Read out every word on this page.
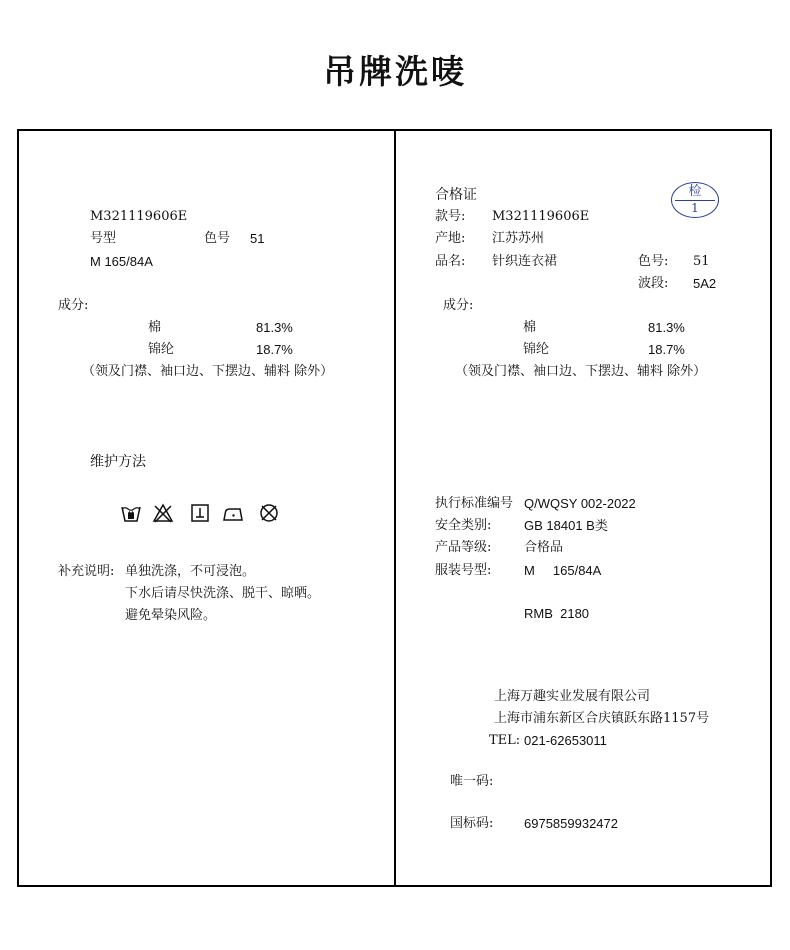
吊牌洗唛
M321119606E
号型	色号 51
M 165/84A
成分:
棉	81.3%
锦纶	18.7%
（领及门襟、袖口边、下摆边、辅料 除外）
维护方法
补充说明: 单独洗涤，不可浸泡。
下水后请尽快洗涤、脱干、晾晒。
避免晕染风险。
合格证	检
1
款号: M321119606E
产地: 江苏苏州
品名: 针织连衣裙	色号: 51
波段: 5A2
成分:
棉	81.3%
锦纶	18.7%
（领及门襟、袖口边、下摆边、辅料 除外）
执行标准编号 Q/WQSY 002-2022
安全类别:	GB 18401 B类
产品等级:	合格品
服装号型:	M     165/84A
RMB  2180
上海万趣实业发展有限公司
上海市浦东新区合庆镇跃东路1157号
TEL: 021-62653011
唯一码:
国标码: 6975859932472
